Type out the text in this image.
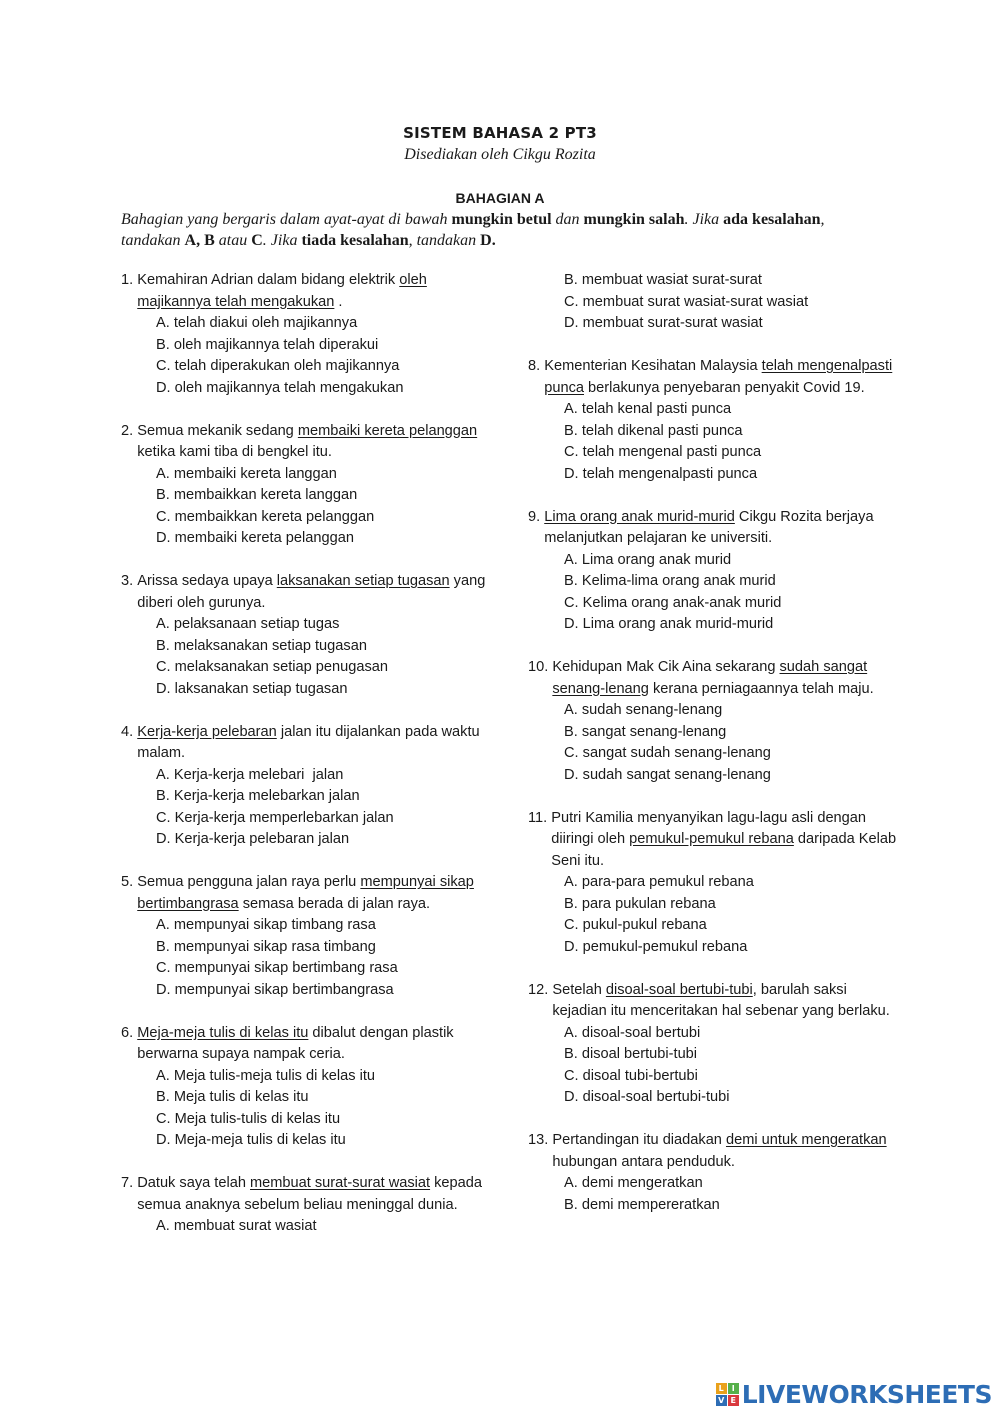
SISTEM BAHASA 2 PT3
Disediakan oleh Cikgu Rozita
BAHAGIAN A
Bahagian yang bergaris dalam ayat-ayat di bawah mungkin betul dan mungkin salah. Jika ada kesalahan, tandakan A, B atau C. Jika tiada kesalahan, tandakan D.
1. Kemahiran Adrian dalam bidang elektrik oleh majikannya telah mengakukan .
A. telah diakui oleh majikannya
B. oleh majikannya telah diperakui
C. telah diperakukan oleh majikannya
D. oleh majikannya telah mengakukan
2. Semua mekanik sedang membaiki kereta pelanggan ketika kami tiba di bengkel itu.
A. membaiki kereta langgan
B. membaikkan kereta langgan
C. membaikkan kereta pelanggan
D. membaiki kereta pelanggan
3. Arissa sedaya upaya laksanakan setiap tugasan yang diberi oleh gurunya.
A. pelaksanaan setiap tugas
B. melaksanakan setiap tugasan
C. melaksanakan setiap penugasan
D. laksanakan setiap tugasan
4. Kerja-kerja pelebaran jalan itu dijalankan pada waktu malam.
A. Kerja-kerja melebari  jalan
B. Kerja-kerja melebarkan jalan
C. Kerja-kerja memperlebarkan jalan
D. Kerja-kerja pelebaran jalan
5. Semua pengguna jalan raya perlu mempunyai sikap bertimbangrasa semasa berada di jalan raya.
A. mempunyai sikap timbang rasa
B. mempunyai sikap rasa timbang
C. mempunyai sikap bertimbang rasa
D. mempunyai sikap bertimbangrasa
6. Meja-meja tulis di kelas itu dibalut dengan plastik berwarna supaya nampak ceria.
A. Meja tulis-meja tulis di kelas itu
B. Meja tulis di kelas itu
C. Meja tulis-tulis di kelas itu
D. Meja-meja tulis di kelas itu
7. Datuk saya telah membuat surat-surat wasiat kepada semua anaknya sebelum beliau meninggal dunia.
A. membuat surat wasiat
B. membuat wasiat surat-surat
C. membuat surat wasiat-surat wasiat
D. membuat surat-surat wasiat
8. Kementerian Kesihatan Malaysia telah mengenalpasti punca berlakunya penyebaran penyakit Covid 19.
A. telah kenal pasti punca
B. telah dikenal pasti punca
C. telah mengenal pasti punca
D. telah mengenalpasti punca
9. Lima orang anak murid-murid Cikgu Rozita berjaya melanjutkan pelajaran ke universiti.
A. Lima orang anak murid
B. Kelima-lima orang anak murid
C. Kelima orang anak-anak murid
D. Lima orang anak murid-murid
10. Kehidupan Mak Cik Aina sekarang sudah sangat senang-lenang kerana perniagaannya telah maju.
A. sudah senang-lenang
B. sangat senang-lenang
C. sangat sudah senang-lenang
D. sudah sangat senang-lenang
11. Putri Kamilia menyanyikan lagu-lagu asli dengan diiringi oleh pemukul-pemukul rebana daripada Kelab Seni itu.
A. para-para pemukul rebana
B. para pukulan rebana
C. pukul-pukul rebana
D. pemukul-pemukul rebana
12. Setelah disoal-soal bertubi-tubi, barulah saksi kejadian itu menceritakan hal sebenar yang berlaku.
A. disoal-soal bertubi
B. disoal bertubi-tubi
C. disoal tubi-bertubi
D. disoal-soal bertubi-tubi
13. Pertandingan itu diadakan demi untuk mengeratkan hubungan antara penduduk.
A. demi mengeratkan
B. demi mempereratkan
L I
V E LIVEWORKSHEETS
